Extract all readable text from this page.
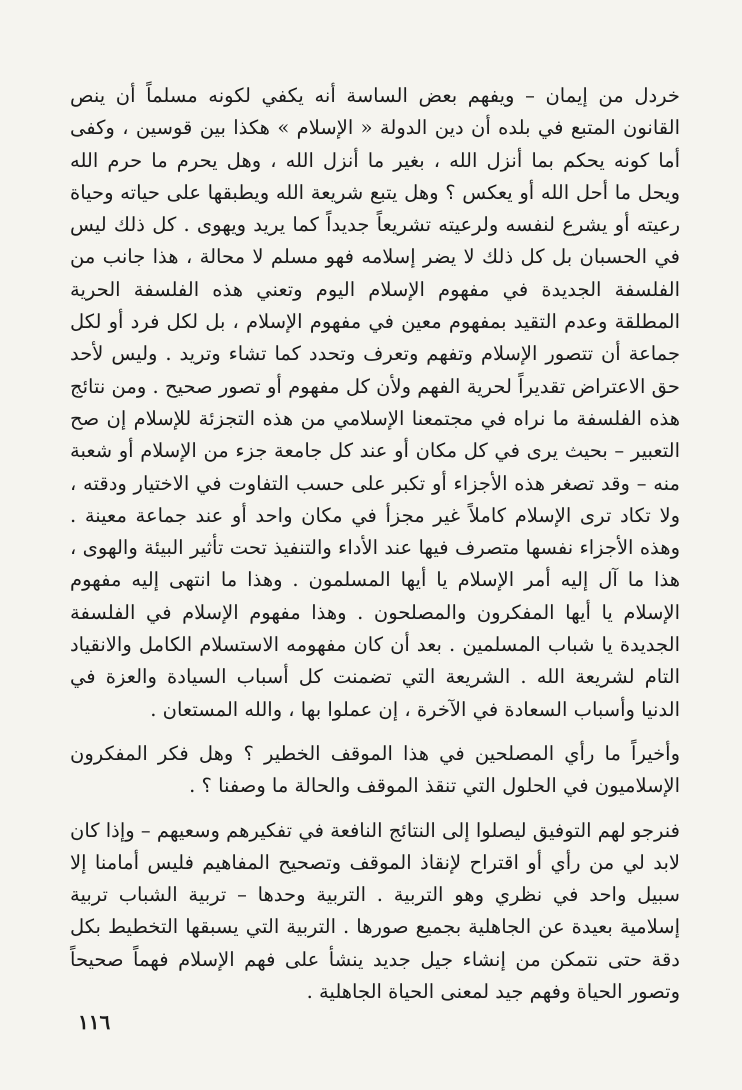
خردل من إيمان – ويفهم بعض الساسة أنه يكفي لكونه مسلماً أن ينص القانون المتبع في بلده أن دين الدولة « الإسلام » هكذا بين قوسين ، وكفى أما كونه يحكم بما أنزل الله ، بغير ما أنزل الله ، وهل يحرم ما حرم الله ويحل ما أحل الله أو يعكس ؟ وهل يتبع شريعة الله ويطبقها على حياته وحياة رعيته أو يشرع لنفسه ولرعيته تشريعاً جديداً كما يريد ويهوى . كل ذلك ليس في الحسبان بل كل ذلك لا يضر إسلامه فهو مسلم لا محالة ، هذا جانب من الفلسفة الجديدة في مفهوم الإسلام اليوم وتعني هذه الفلسفة الحرية المطلقة وعدم التقيد بمفهوم معين في مفهوم الإسلام ، بل لكل فرد أو لكل جماعة أن تتصور الإسلام وتفهم وتعرف وتحدد كما تشاء وتريد . وليس لأحد حق الاعتراض تقديراً لحرية الفهم ولأن كل مفهوم أو تصور صحيح . ومن نتائج هذه الفلسفة ما نراه في مجتمعنا الإسلامي من هذه التجزئة للإسلام إن صح التعبير – بحيث يرى في كل مكان أو عند كل جامعة جزء من الإسلام أو شعبة منه – وقد تصغر هذه الأجزاء أو تكبر على حسب التفاوت في الاختيار ودقته ، ولا تكاد ترى الإسلام كاملاً غير مجزأ في مكان واحد أو عند جماعة معينة . وهذه الأجزاء نفسها متصرف فيها عند الأداء والتنفيذ تحت تأثير البيئة والهوى ، هذا ما آل إليه أمر الإسلام يا أيها المسلمون . وهذا ما انتهى إليه مفهوم الإسلام يا أيها المفكرون والمصلحون . وهذا مفهوم الإسلام في الفلسفة الجديدة يا شباب المسلمين . بعد أن كان مفهومه الاستسلام الكامل والانقياد التام لشريعة الله . الشريعة التي تضمنت كل أسباب السيادة والعزة في الدنيا وأسباب السعادة في الآخرة ، إن عملوا بها ، والله المستعان .

وأخيراً ما رأي المصلحين في هذا الموقف الخطير ؟ وهل فكر المفكرون الإسلاميون في الحلول التي تنقذ الموقف والحالة ما وصفنا ؟ .

فنرجو لهم التوفيق ليصلوا إلى النتائج النافعة في تفكيرهم وسعيهم – وإذا كان لابد لي من رأي أو اقتراح لإنقاذ الموقف وتصحيح المفاهيم فليس أمامنا إلا سبيل واحد في نظري وهو التربية . التربية وحدها – تربية الشباب تربية إسلامية بعيدة عن الجاهلية بجميع صورها . التربية التي يسبقها التخطيط بكل دقة حتى نتمكن من إنشاء جيل جديد ينشأ على فهم الإسلام فهماً صحيحاً وتصور الحياة وفهم جيد لمعنى الحياة الجاهلية .

١١٦
